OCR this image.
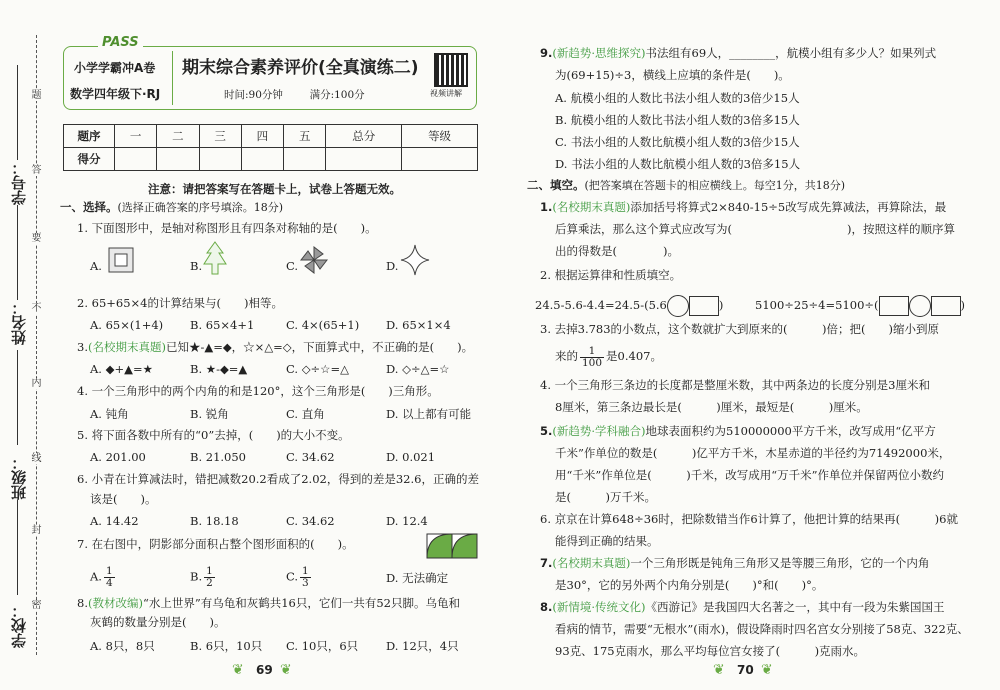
学号：
姓名：
班级：
学校：
题
答
要
不
内
线
封
密
PASS
小学学霸冲A卷
数学四年级下·RJ
期末综合素养评价(全真演练二)
时间:90分钟	满分:100分	视频讲解
题序	一	二	三	四	五	总分	等级
得分							
注意：请把答案写在答题卡上，试卷上答题无效。
一、选择。(选择正确答案的序号填涂。18分)
1. 下面图形中，是轴对称图形且有四条对称轴的是(　　)。
A.	B.	C.	D.
2. 65+65×4的计算结果与(　　)相等。
A. 65×(1+4) B. 65×4+1	C. 4×(65+1) D. 65×1×4
3.(名校期末真题)已知★-▲=◆，☆×△=◇，下面算式中，不正确的是(　　)。
A. ◆+▲=★	B. ★-◆=▲	C. ◇÷☆=△	D. ◇÷△=☆
4. 一个三角形中的两个内角的和是120°，这个三角形是(　　)三角形。
A. 钝角	B. 锐角	C. 直角	D. 以上都有可能
5. 将下面各数中所有的“0”去掉，(　　)的大小不变。
A. 201.00	B. 21.050	C. 34.62	D. 0.021
6. 小青在计算减法时，错把减数20.2看成了2.02，得到的差是32.6，正确的差
该是(　　)。
A. 14.42	B. 18.18	C. 34.62	D. 12.4
7. 在右图中，阴影部分面积占整个图形面积的(　　)。
A. $\frac{1}{4}$	B. $\frac{1}{2}$	C. $\frac{1}{3}$	D. 无法确定
8.(教材改编)“水上世界”有乌龟和灰鹤共16只，它们一共有52只脚。乌龟和
灰鹤的数量分别是(　　)。
A. 8只，8只	B. 6只，10只 C. 10只，6只 D. 12只，4只
❦ 69 ❦
9.(新趋势·思维探究)书法组有69人，________，航模小组有多少人？如果列式
为(69+15)÷3，横线上应填的条件是(　　)。
A. 航模小组的人数比书法小组人数的3倍少15人
B. 航模小组的人数比书法小组人数的3倍多15人
C. 书法小组的人数比航模小组人数的3倍少15人
D. 书法小组的人数比航模小组人数的3倍多15人
二、填空。(把答案填在答题卡的相应横线上。每空1分，共18分)
1.(名校期末真题)添加括号将算式2×840-15÷5改写成先算减法，再算除法，最
后算乘法，那么这个算式应改写为(　　　　　　　　　　)，按照这样的顺序算
出的得数是(　　　　)。
2. 根据运算律和性质填空。
24.5-5.6-4.4=24.5-(5.6	)	5100÷25÷4=5100÷(	)
3. 去掉3.783的小数点，这个数就扩大到原来的(　　　)倍；把(　　)缩小到原
来的 $\frac{1}{100}$ 是0.407。
4. 一个三角形三条边的长度都是整厘米数，其中两条边的长度分别是3厘米和
8厘米，第三条边最长是(　　　)厘米，最短是(　　　)厘米。
5.(新趋势·学科融合)地球表面积约为510000000平方千米，改写成用“亿平方
千米”作单位的数是(　　　)亿平方千米，木星赤道的半径约为71492000米，
用“千米”作单位是(　　　)千米，改写成用“万千米”作单位并保留两位小数约
是(　　　)万千米。
6. 京京在计算648÷36时，把除数错当作6计算了，他把计算的结果再(　　　)6就
能得到正确的结果。
7.(名校期末真题)一个三角形既是钝角三角形又是等腰三角形，它的一个内角
是30°，它的另外两个内角分别是(　　)°和(　　)°。
8.(新情境·传统文化)《西游记》是我国四大名著之一，其中有一段为朱紫国国王
看病的情节，需要“无根水”(雨水)，假设降雨时四名宫女分别接了58克、322克、
93克、175克雨水，那么平均每位宫女接了(　　　)克雨水。
❦ 70 ❦
